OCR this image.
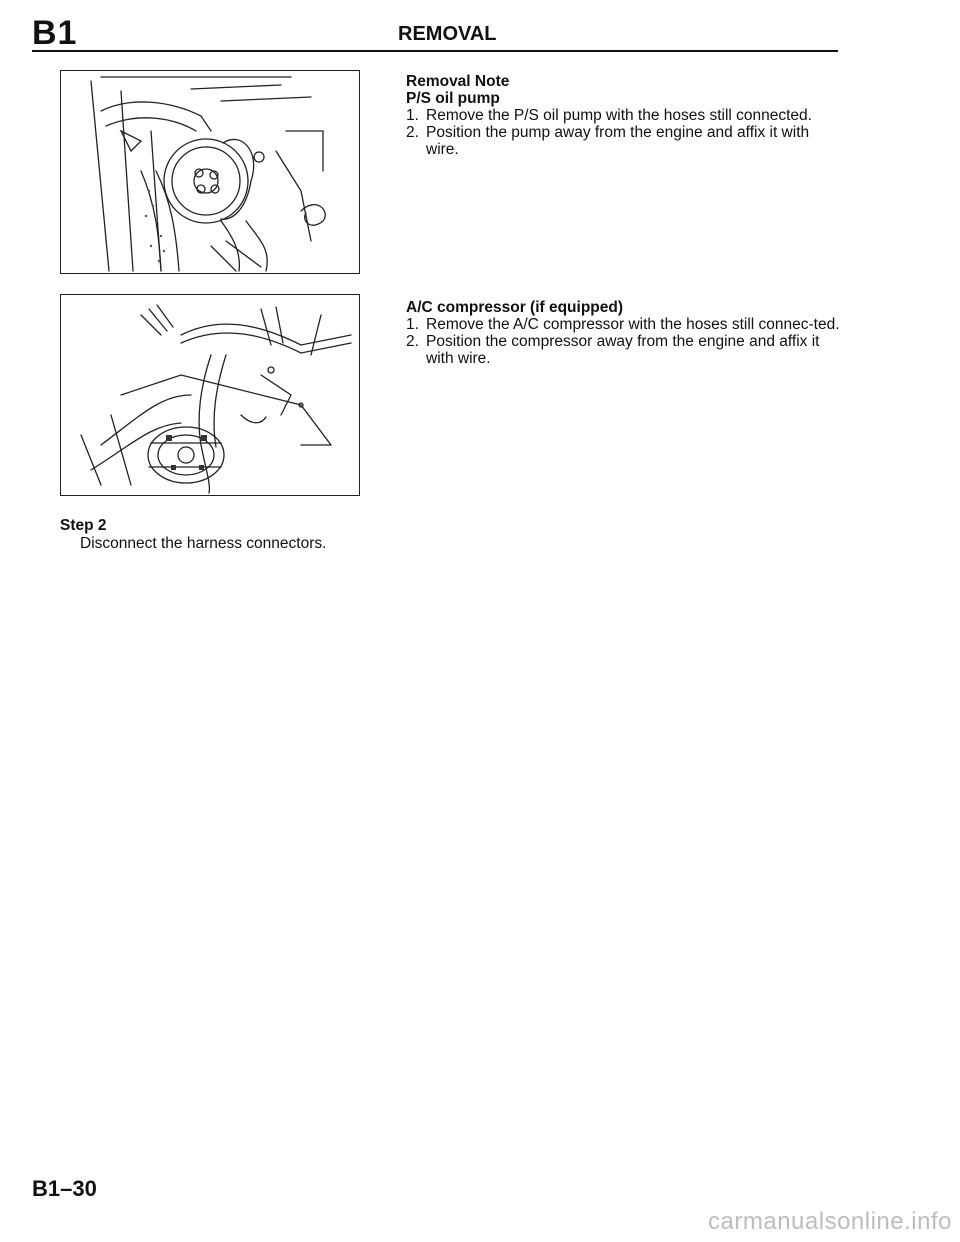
B1	REMOVAL
Removal Note
P/S oil pump
1. Remove the P/S oil pump with the hoses still connected.
2. Position the pump away from the engine and affix it with wire.
A/C compressor (if equipped)
1. Remove the A/C compressor with the hoses still connec-ted.
2. Position the compressor away from the engine and affix it with wire.
Step 2
Disconnect the harness connectors.
B1–30
carmanualsonline.info
